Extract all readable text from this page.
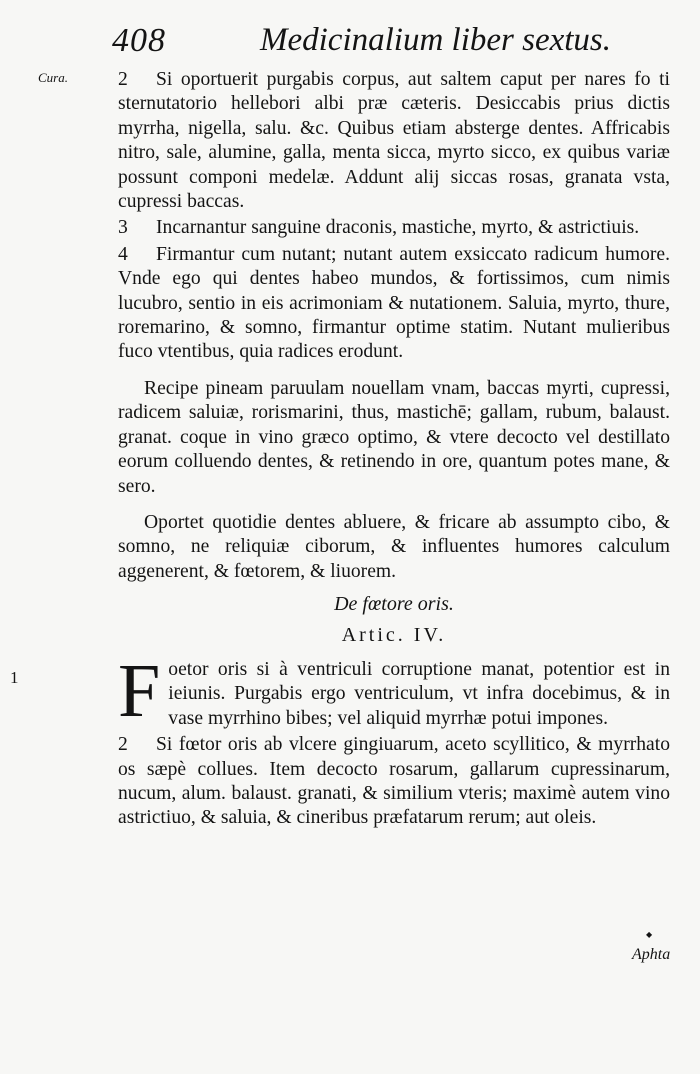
408	Medicinalium liber sextus.
Cura.	2 Si oportuerit purgabis corpus, aut saltem caput per nares fo ti sternutatorio hellebori albi præ cæteris. Desiccabis prius dictis myrrha, nigella, salu. &c. Quibus etiam absterge dentes. Affricabis nitro, sale, alumine, galla, menta sicca, myrto sicco, ex quibus variæ possunt componi medelæ. Addunt alij siccas rosas, granata vsta, cupressi baccas.

3 Incarnantur sanguine draconis, mastiche, myrto, & astrictiuis.

4 Firmantur cum nutant; nutant autem exsiccato radicum humore. Vnde ego qui dentes habeo mundos, & fortissimos, cum nimis lucubro, sentio in eis acrimoniam & nutationem. Saluia, myrto, thure, roremarino, & somno, firmantur optime statim. Nutant mulieribus fuco vtentibus, quia radices erodunt.

Recipe pineam paruulam nouellam vnam, baccas myrti, cupressi, radicem saluiæ, rorismarini, thus, mastichē; gallam, rubum, balaust. granat. coque in vino græco optimo, & vtere decocto vel destillato eorum colluendo dentes, & retinendo in ore, quantum potes mane, & sero.

Oportet quotidie dentes abluere, & fricare ab assumpto cibo, & somno, ne reliquiæ ciborum, & influentes humores calculum aggenerent, & fœtorem, & liuorem.

De fœtore oris.
Artic. IV.
1 Foetor oris si à ventriculi corruptione manat, potentior est in ieiunis. Purgabis ergo ventriculum, vt infra docebimus, & in vase myrrhino bibes; vel aliquid myrrhæ potui impones.

2 Si fœtor oris ab vlcere gingiuarum, aceto scyllitico, & myrrhato os sæpè collues. Item decocto rosarum, gallarum cupressinarum, nucum, alum. balaust. granati, & similium vteris; maximè autem vino astrictiuo, & saluia, & cineribus præfatarum rerum; aut oleis.

◆
Aphta
